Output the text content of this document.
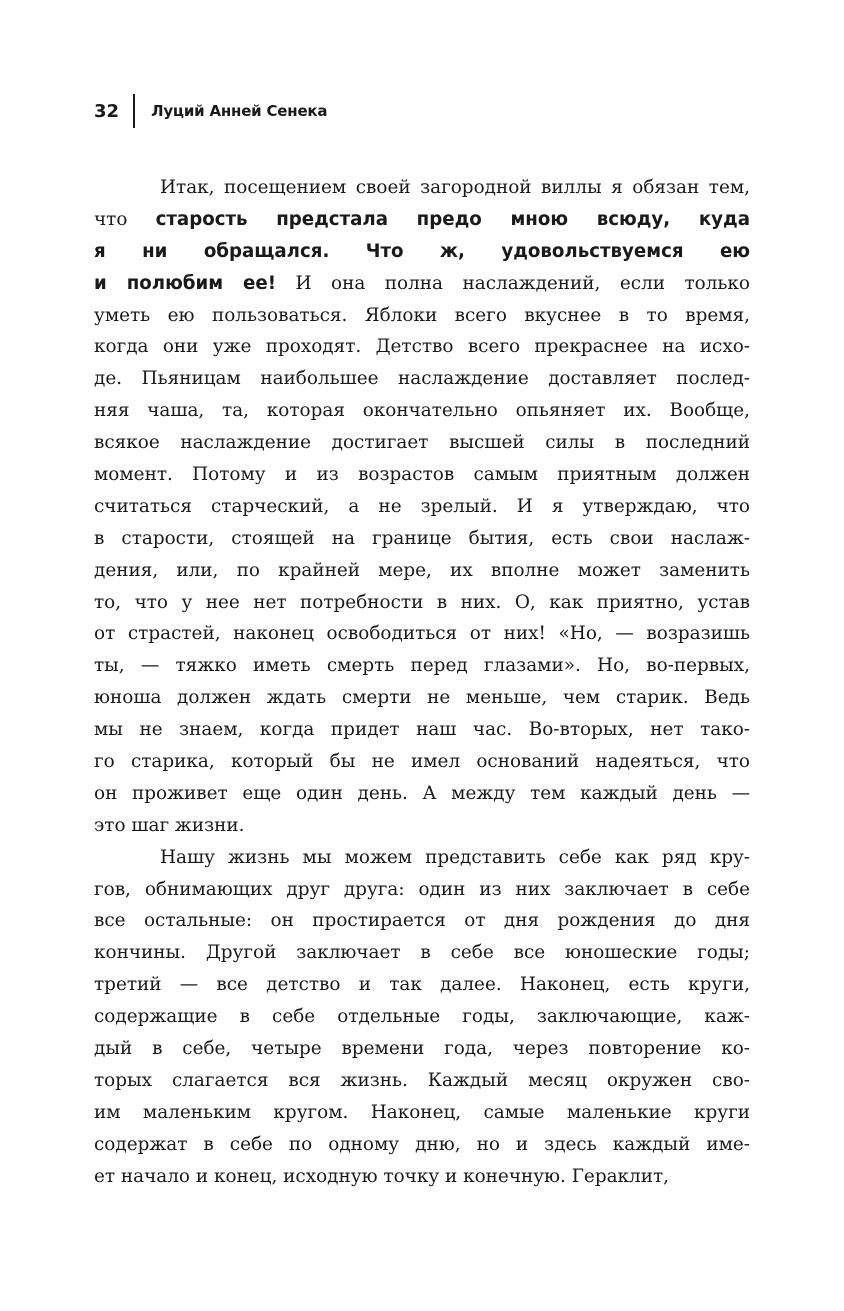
32 Луций Анней Сенека
Итак, посещением своей загородной виллы я обязан тем,
что старость предстала предо мною всюду, куда
я ни обращался. Что ж, удовольствуемся ею
и полюбим ее! И она полна наслаждений, если только
уметь ею пользоваться. Яблоки всего вкуснее в то время,
когда они уже проходят. Детство всего прекраснее на исхо-
де. Пьяницам наибольшее наслаждение доставляет послед-
няя чаша, та, которая окончательно опьяняет их. Вообще,
всякое наслаждение достигает высшей силы в последний
момент. Потому и из возрастов самым приятным должен
считаться старческий, а не зрелый. И я утверждаю, что
в старости, стоящей на границе бытия, есть свои наслаж-
дения, или, по крайней мере, их вполне может заменить
то, что у нее нет потребности в них. О, как приятно, устав
от страстей, наконец освободиться от них! «Но, — возразишь
ты, — тяжко иметь смерть перед глазами». Но, во-первых,
юноша должен ждать смерти не меньше, чем старик. Ведь
мы не знаем, когда придет наш час. Во-вторых, нет тако-
го старика, который бы не имел оснований надеяться, что
он проживет еще один день. А между тем каждый день —
это шаг жизни.
Нашу жизнь мы можем представить себе как ряд кру-
гов, обнимающих друг друга: один из них заключает в себе
все остальные: он простирается от дня рождения до дня
кончины. Другой заключает в себе все юношеские годы;
третий — все детство и так далее. Наконец, есть круги,
содержащие в себе отдельные годы, заключающие, каж-
дый в себе, четыре времени года, через повторение ко-
торых слагается вся жизнь. Каждый месяц окружен сво-
им маленьким кругом. Наконец, самые маленькие круги
содержат в себе по одному дню, но и здесь каждый име-
ет начало и конец, исходную точку и конечную. Гераклит,
